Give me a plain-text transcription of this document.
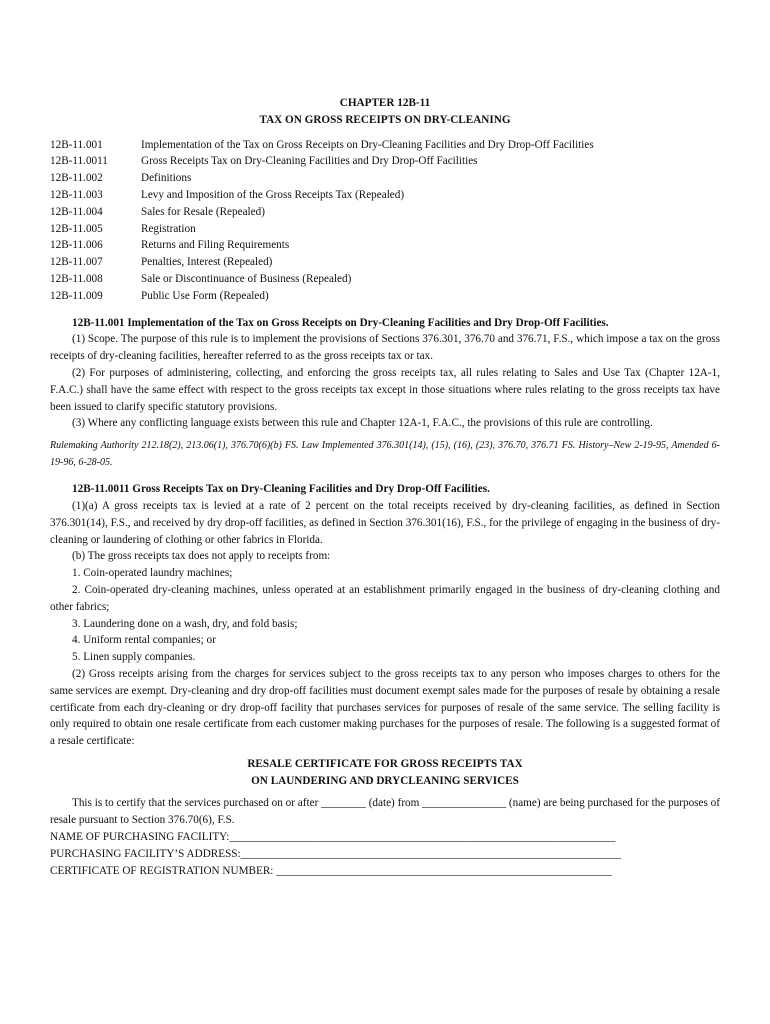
CHAPTER 12B-11
TAX ON GROSS RECEIPTS ON DRY-CLEANING
12B-11.001	Implementation of the Tax on Gross Receipts on Dry-Cleaning Facilities and Dry Drop-Off Facilities
12B-11.0011	Gross Receipts Tax on Dry-Cleaning Facilities and Dry Drop-Off Facilities
12B-11.002	Definitions
12B-11.003	Levy and Imposition of the Gross Receipts Tax (Repealed)
12B-11.004	Sales for Resale (Repealed)
12B-11.005	Registration
12B-11.006	Returns and Filing Requirements
12B-11.007	Penalties, Interest (Repealed)
12B-11.008	Sale or Discontinuance of Business (Repealed)
12B-11.009	Public Use Form (Repealed)

12B-11.001 Implementation of the Tax on Gross Receipts on Dry-Cleaning Facilities and Dry Drop-Off Facilities.

(1) Scope. The purpose of this rule is to implement the provisions of Sections 376.301, 376.70 and 376.71, F.S., which impose a tax on the gross receipts of dry-cleaning facilities, hereafter referred to as the gross receipts tax or tax.

(2) For purposes of administering, collecting, and enforcing the gross receipts tax, all rules relating to Sales and Use Tax (Chapter 12A-1, F.A.C.) shall have the same effect with respect to the gross receipts tax except in those situations where rules relating to the gross receipts tax have been issued to clarify specific statutory provisions.

(3) Where any conflicting language exists between this rule and Chapter 12A-1, F.A.C., the provisions of this rule are controlling.

Rulemaking Authority 212.18(2), 213.06(1), 376.70(6)(b) FS. Law Implemented 376.301(14), (15), (16), (23), 376.70, 376.71 FS. History–New 2-19-95, Amended 6-19-96, 6-28-05.

12B-11.0011 Gross Receipts Tax on Dry-Cleaning Facilities and Dry Drop-Off Facilities.

(1)(a) A gross receipts tax is levied at a rate of 2 percent on the total receipts received by dry-cleaning facilities, as defined in Section 376.301(14), F.S., and received by dry drop-off facilities, as defined in Section 376.301(16), F.S., for the privilege of engaging in the business of dry-cleaning or laundering of clothing or other fabrics in Florida.

(b) The gross receipts tax does not apply to receipts from:

1. Coin-operated laundry machines;

2. Coin-operated dry-cleaning machines, unless operated at an establishment primarily engaged in the business of dry-cleaning clothing and other fabrics;

3. Laundering done on a wash, dry, and fold basis;

4. Uniform rental companies; or

5. Linen supply companies.

(2) Gross receipts arising from the charges for services subject to the gross receipts tax to any person who imposes charges to others for the same services are exempt. Dry-cleaning and dry drop-off facilities must document exempt sales made for the purposes of resale by obtaining a resale certificate from each dry-cleaning or dry drop-off facility that purchases services for purposes of resale of the same service. The selling facility is only required to obtain one resale certificate from each customer making purchases for the purposes of resale. The following is a suggested format of a resale certificate:

RESALE CERTIFICATE FOR GROSS RECEIPTS TAX
ON LAUNDERING AND DRYCLEANING SERVICES

This is to certify that the services purchased on or after ________ (date) from _______________ (name) are being purchased for the purposes of resale pursuant to Section 376.70(6), F.S.

NAME OF PURCHASING FACILITY:_____________________________________________________________________
PURCHASING FACILITY’S ADDRESS:____________________________________________________________________
CERTIFICATE OF REGISTRATION NUMBER: ____________________________________________________________
